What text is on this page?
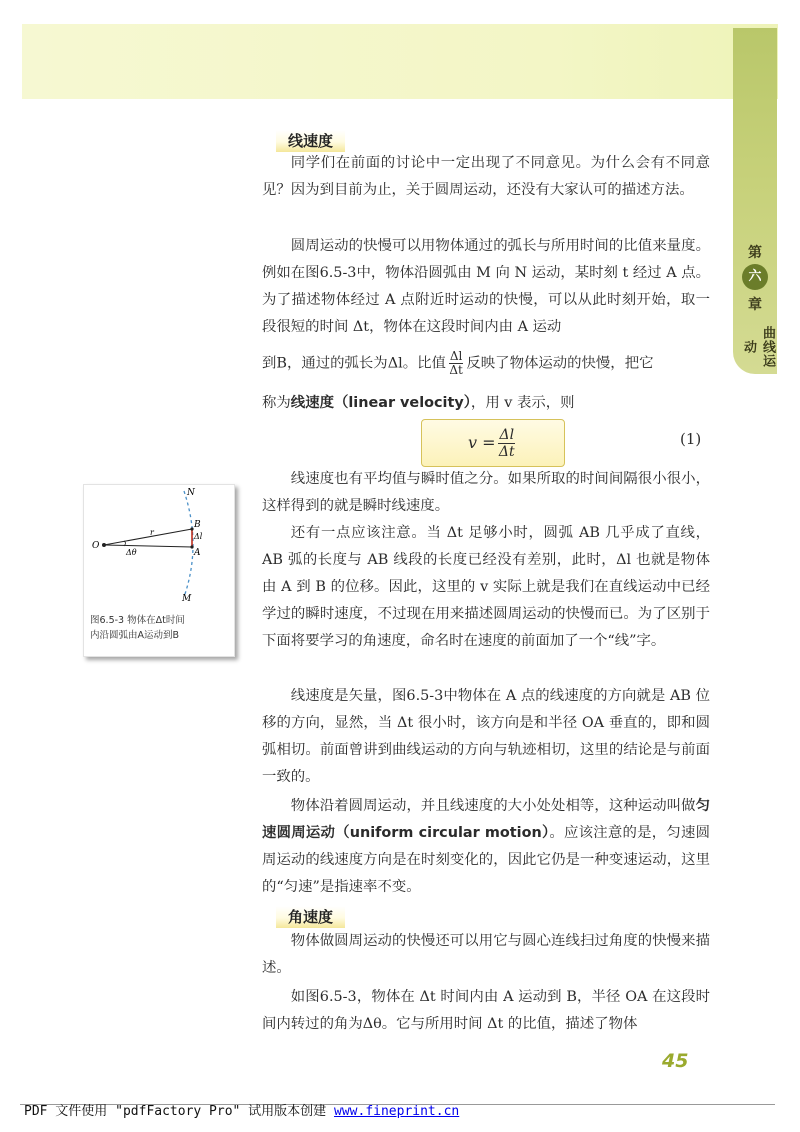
第
六
章
曲线运动
线速度

同学们在前面的讨论中一定出现了不同意见。为什么会有不同意见？因为到目前为止，关于圆周运动，还没有大家认可的描述方法。

圆周运动的快慢可以用物体通过的弧长与所用时间的比值来量度。例如在图6.5-3中，物体沿圆弧由 M 向 N 运动，某时刻 t 经过 A 点。为了描述物体经过 A 点附近时运动的快慢，可以从此时刻开始，取一段很短的时间 Δt，物体在这段时间内由 A 运动

到B，通过的弧长为Δl。比值 $\frac{\Delta l}{\Delta t}$ 反映了物体运动的快慢，把它

称为线速度（linear velocity），用 v 表示，则

$v = \frac{\Delta l}{\Delta t}$	(1)

线速度也有平均值与瞬时值之分。如果所取的时间间隔很小很小，这样得到的就是瞬时线速度。

还有一点应该注意。当 Δt 足够小时，圆弧 AB 几乎成了直线，AB 弧的长度与 AB 线段的长度已经没有差别，此时，Δl 也就是物体由 A 到 B 的位移。因此，这里的 v 实际上就是我们在直线运动中已经学过的瞬时速度，不过现在用来描述圆周运动的快慢而已。为了区别于下面将要学习的角速度，命名时在速度的前面加了一个“线”字。

线速度是矢量，图6.5-3中物体在 A 点的线速度的方向就是 AB 位移的方向，显然，当 Δt 很小时，该方向是和半径 OA 垂直的，即和圆弧相切。前面曾讲到曲线运动的方向与轨迹相切，这里的结论是与前面一致的。

物体沿着圆周运动，并且线速度的大小处处相等，这种运动叫做匀速圆周运动（uniform circular motion）。应该注意的是，匀速圆周运动的线速度方向是在时刻变化的，因此它仍是一种变速运动，这里的“匀速”是指速率不变。

角速度

物体做圆周运动的快慢还可以用它与圆心连线扫过角度的快慢来描述。

如图6.5-3，物体在 Δt 时间内由 A 运动到 B，半径 OA 在这段时间内转过的角为Δθ。它与所用时间 Δt 的比值，描述了物体

N
B
Δl
A
M
O
r
Δθ
图6.5-3 物体在Δt时间
内沿圆弧由A运动到B
45
PDF 文件使用 "pdfFactory Pro" 试用版本创建 www.fineprint.cn
